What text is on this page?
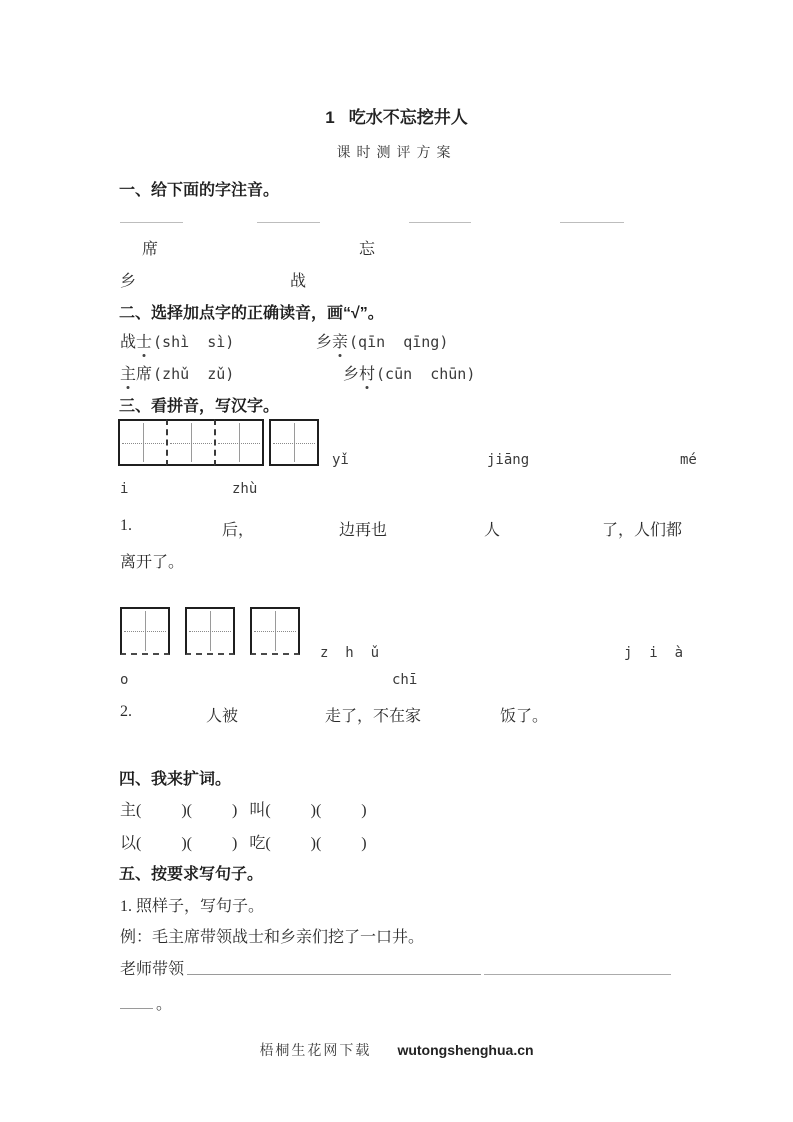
1 吃水不忘挖井人
课时测评方案
一、给下面的字注音。
席	忘
乡	战
二、选择加点字的正确读音，画“√”。
战士(shì  sì)	乡亲(qīn  qīng)
主席(zhǔ  zǔ)	乡村(cūn  chūn)
三、看拼音，写汉字。
yǐ	jiāng	mé
i	zhù
1.	后，	边再也	人	了，人们都
离开了。
z  h  ǔ	j  i  à
o	chī
2.	人被	走了，不在家	饭了。
四、我来扩词。
主(          )(          )   叫(          )(          )
以(          )(          )   吃(          )(          )
五、按要求写句子。
1. 照样子，写句子。
例：毛主席带领战士和乡亲们挖了一口井。
老师带领
。
梧桐生花网下载 wutongshenghua.cn
